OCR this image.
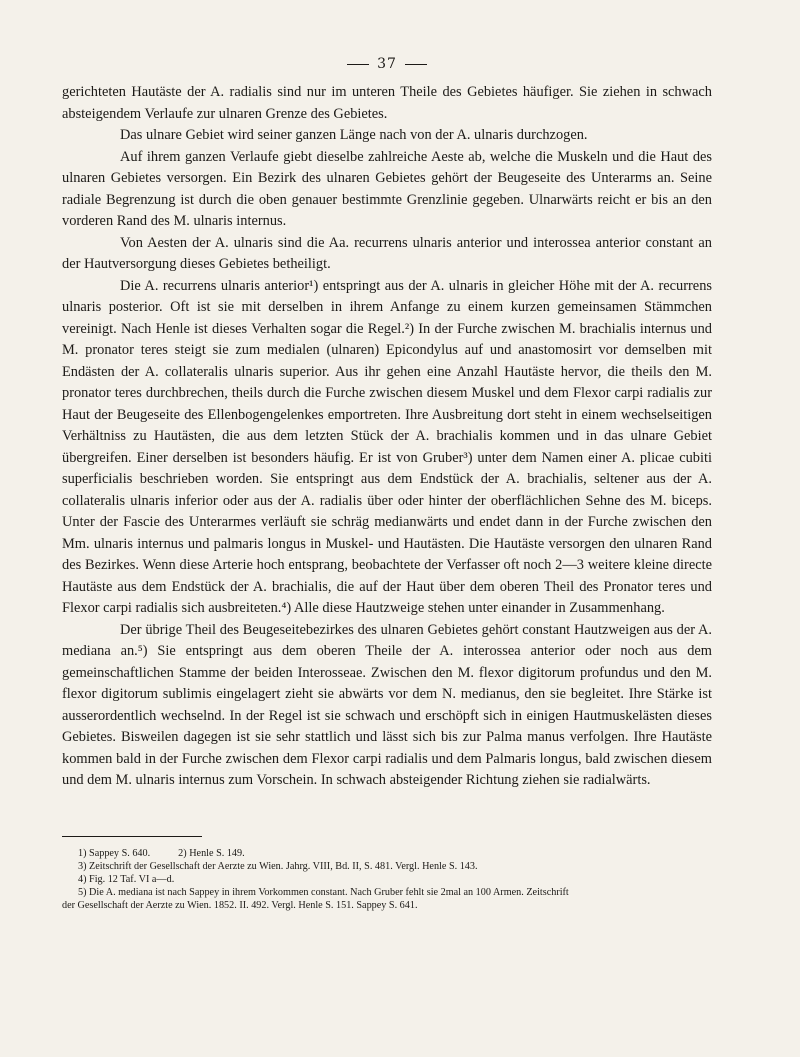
37

gerichteten Hautäste der A. radialis sind nur im unteren Theile des Gebietes häufiger. Sie ziehen in schwach absteigendem Verlaufe zur ulnaren Grenze des Gebietes.

Das ulnare Gebiet wird seiner ganzen Länge nach von der A. ulnaris durchzogen.

Auf ihrem ganzen Verlaufe giebt dieselbe zahlreiche Aeste ab, welche die Muskeln und die Haut des ulnaren Gebietes versorgen. Ein Bezirk des ulnaren Gebietes gehört der Beugeseite des Unterarms an. Seine radiale Begrenzung ist durch die oben genauer bestimmte Grenzlinie gegeben. Ulnarwärts reicht er bis an den vorderen Rand des M. ulnaris internus.

Von Aesten der A. ulnaris sind die Aa. recurrens ulnaris anterior und interossea anterior constant an der Hautversorgung dieses Gebietes betheiligt.

Die A. recurrens ulnaris anterior¹) entspringt aus der A. ulnaris in gleicher Höhe mit der A. recurrens ulnaris posterior. Oft ist sie mit derselben in ihrem Anfange zu einem kurzen gemeinsamen Stämmchen vereinigt. Nach Henle ist dieses Verhalten sogar die Regel.²) In der Furche zwischen M. brachialis internus und M. pronator teres steigt sie zum medialen (ulnaren) Epicondylus auf und anastomosirt vor demselben mit Endästen der A. collateralis ulnaris superior. Aus ihr gehen eine Anzahl Hautäste hervor, die theils den M. pronator teres durchbrechen, theils durch die Furche zwischen diesem Muskel und dem Flexor carpi radialis zur Haut der Beugeseite des Ellenbogengelenkes emportreten. Ihre Ausbreitung dort steht in einem wechselseitigen Verhältniss zu Hautästen, die aus dem letzten Stück der A. brachialis kommen und in das ulnare Gebiet übergreifen. Einer derselben ist besonders häufig. Er ist von Gruber³) unter dem Namen einer A. plicae cubiti superficialis beschrieben worden. Sie entspringt aus dem Endstück der A. brachialis, seltener aus der A. collateralis ulnaris inferior oder aus der A. radialis über oder hinter der oberflächlichen Sehne des M. biceps. Unter der Fascie des Unterarmes verläuft sie schräg medianwärts und endet dann in der Furche zwischen den Mm. ulnaris internus und palmaris longus in Muskel- und Hautästen. Die Hautäste versorgen den ulnaren Rand des Bezirkes. Wenn diese Arterie hoch entsprang, beobachtete der Verfasser oft noch 2—3 weitere kleine directe Hautäste aus dem Endstück der A. brachialis, die auf der Haut über dem oberen Theil des Pronator teres und Flexor carpi radialis sich ausbreiteten.⁴) Alle diese Hautzweige stehen unter einander in Zusammenhang.

Der übrige Theil des Beugeseitebezirkes des ulnaren Gebietes gehört constant Hautzweigen aus der A. mediana an.⁵) Sie entspringt aus dem oberen Theile der A. interossea anterior oder noch aus dem gemeinschaftlichen Stamme der beiden Interosseae. Zwischen den M. flexor digitorum profundus und den M. flexor digitorum sublimis eingelagert zieht sie abwärts vor dem N. medianus, den sie begleitet. Ihre Stärke ist ausserordentlich wechselnd. In der Regel ist sie schwach und erschöpft sich in einigen Hautmuskelästen dieses Gebietes. Bisweilen dagegen ist sie sehr stattlich und lässt sich bis zur Palma manus verfolgen. Ihre Hautäste kommen bald in der Furche zwischen dem Flexor carpi radialis und dem Palmaris longus, bald zwischen diesem und dem M. ulnaris internus zum Vorschein. In schwach absteigender Richtung ziehen sie radialwärts.

1) Sappey S. 640.	2) Henle S. 149.

3) Zeitschrift der Gesellschaft der Aerzte zu Wien. Jahrg. VIII, Bd. II, S. 481. Vergl. Henle S. 143.

4) Fig. 12 Taf. VI a—d.

5) Die A. mediana ist nach Sappey in ihrem Vorkommen constant. Nach Gruber fehlt sie 2mal an 100 Armen. Zeitschrift

der Gesellschaft der Aerzte zu Wien. 1852. II. 492. Vergl. Henle S. 151. Sappey S. 641.
